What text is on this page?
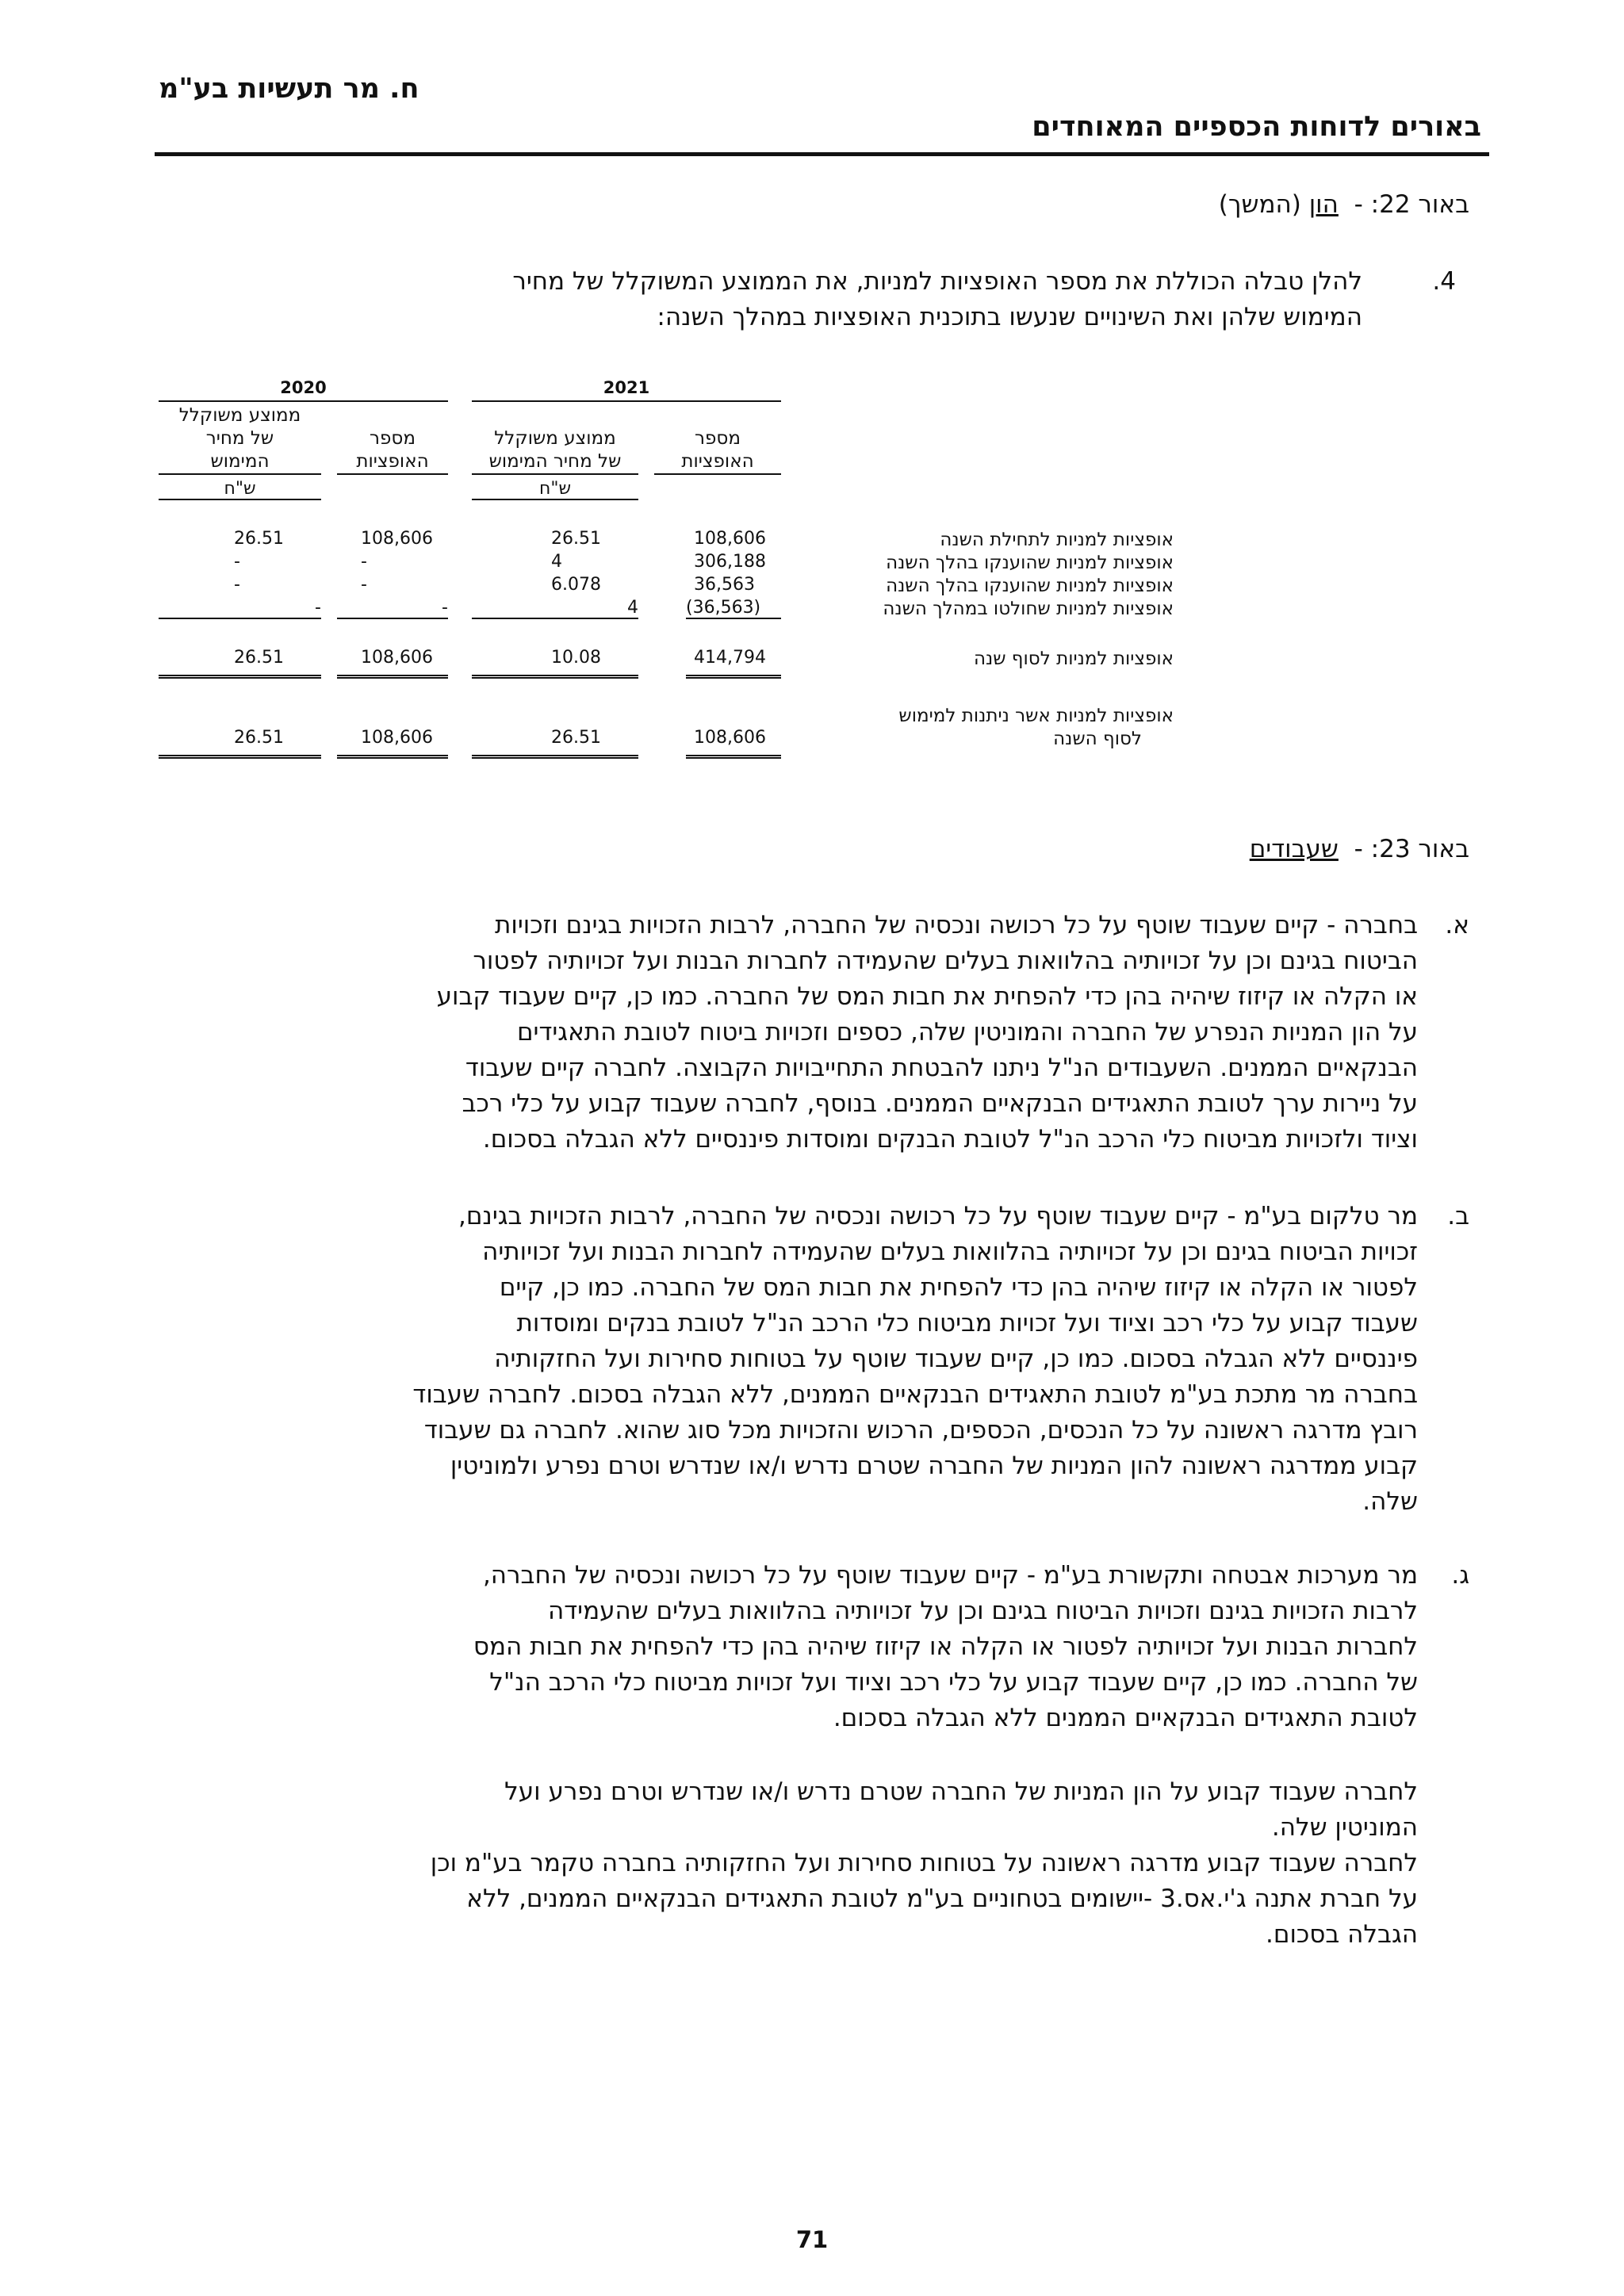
ח. מר תעשיות בע"מ
באורים לדוחות הכספיים המאוחדים
באור 22: -  הון (המשך)
4.
להלן טבלה הכוללת את מספר האופציות למניות, את הממוצע המשוקלל של מחיר
המימוש שלהן ואת השינויים שנעשו בתוכנית האופציות במהלך השנה:
2021
2020
מספר
האופציות
ממוצע משוקלל
של מחיר המימוש
מספר
האופציות
ממוצע משוקלל
של מחיר
המימוש
ש"ח
ש"ח
אופציות למניות לתחילת השנה
108,606
26.51
108,606
26.51
אופציות למניות שהוענקו בהלך השנה
306,188
4
-
-
אופציות למניות שהוענקו בהלך השנה
36,563
6.078
-
-
אופציות למניות שחולטו במהלך השנה
(36,563)
4
-
-
אופציות למניות לסוף שנה
414,794
10.08
108,606
26.51
אופציות למניות אשר ניתנות למימוש
לסוף השנה
108,606
26.51
108,606
26.51
באור 23: -  שעבודים
א.
בחברה - קיים שעבוד שוטף על כל רכושה ונכסיה של החברה, לרבות הזכויות בגינם וזכויות
הביטוח בגינם וכן על זכויותיה בהלוואות בעלים שהעמידה לחברות הבנות ועל זכויותיה לפטור
או הקלה או קיזוז שיהיה בהן כדי להפחית את חבות המס של החברה. כמו כן, קיים שעבוד קבוע
על הון המניות הנפרע של החברה והמוניטין שלה, כספים וזכויות ביטוח לטובת התאגידים
הבנקאיים הממנים. השעבודים הנ"ל ניתנו להבטחת התחייבויות הקבוצה. לחברה קיים שעבוד
על ניירות ערך לטובת התאגידים הבנקאיים הממנים. בנוסף, לחברה שעבוד קבוע על כלי רכב
וציוד ולזכויות מביטוח כלי הרכב הנ"ל לטובת הבנקים ומוסדות פיננסיים ללא הגבלה בסכום.
ב.
מר טלקום בע"מ - קיים שעבוד שוטף על כל רכושה ונכסיה של החברה, לרבות הזכויות בגינם,
זכויות הביטוח בגינם וכן על זכויותיה בהלוואות בעלים שהעמידה לחברות הבנות ועל זכויותיה
לפטור או הקלה או קיזוז שיהיה בהן כדי להפחית את חבות המס של החברה. כמו כן, קיים
שעבוד קבוע על כלי רכב וציוד ועל זכויות מביטוח כלי הרכב הנ"ל לטובת בנקים ומוסדות
פיננסיים ללא הגבלה בסכום. כמו כן, קיים שעבוד שוטף על בטוחות סחירות ועל החזקותיה
בחברה מר מתכת בע"מ לטובת התאגידים הבנקאיים הממנים, ללא הגבלה בסכום. לחברה שעבוד
רובץ מדרגה ראשונה על כל הנכסים, הכספים, הרכוש והזכויות מכל סוג שהוא. לחברה גם שעבוד
קבוע ממדרגה ראשונה להון המניות של החברה שטרם נדרש ו/או שנדרש וטרם נפרע ולמוניטין
שלה.
ג.
מר מערכות אבטחה ותקשורת בע"מ - קיים שעבוד שוטף על כל רכושה ונכסיה של החברה,
לרבות הזכויות בגינם וזכויות הביטוח בגינם וכן על זכויותיה בהלוואות בעלים שהעמידה
לחברות הבנות ועל זכויותיה לפטור או הקלה או קיזוז שיהיה בהן כדי להפחית את חבות המס
של החברה. כמו כן, קיים שעבוד קבוע על כלי רכב וציוד ועל זכויות מביטוח כלי הרכב הנ"ל
לטובת התאגידים הבנקאיים הממנים ללא הגבלה בסכום.
לחברה שעבוד קבוע על הון המניות של החברה שטרם נדרש ו/או שנדרש וטרם נפרע ועל
המוניטין שלה.
לחברה שעבוד קבוע מדרגה ראשונה על בטוחות סחירות ועל החזקותיה בחברה טקמר בע"מ וכן
על חברת אתנה ג'י.אס.3 -יישומים בטחוניים בע"מ לטובת התאגידים הבנקאיים הממנים, ללא
הגבלה בסכום.
71
